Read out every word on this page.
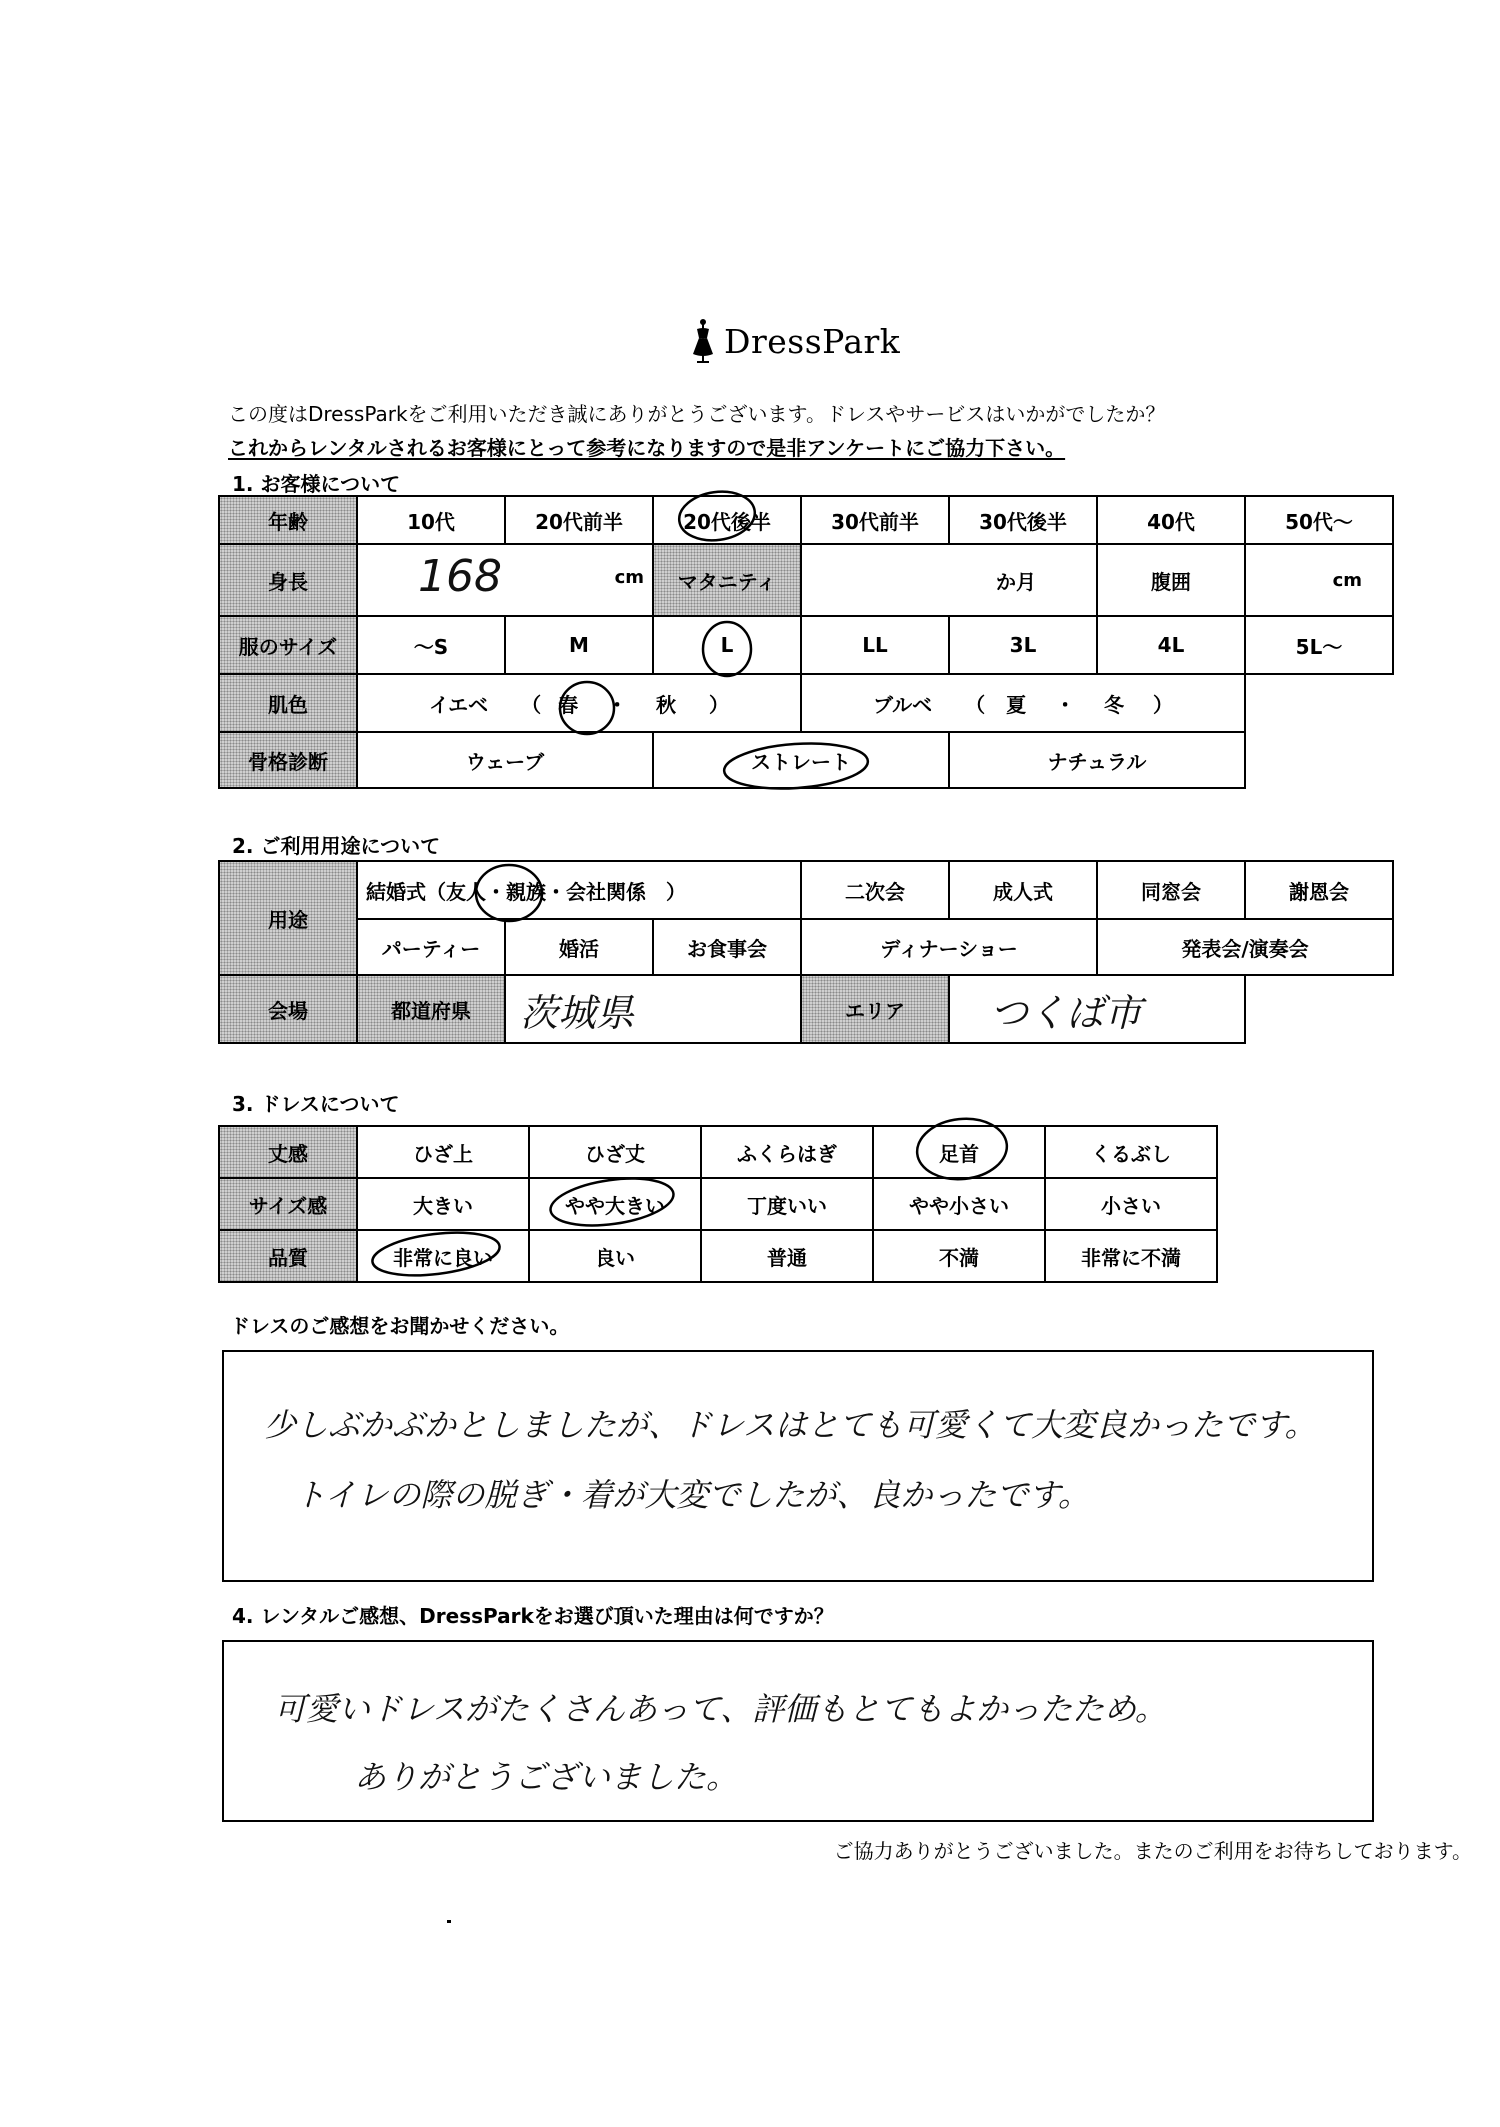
DressPark
この度はDressParkをご利用いただき誠にありがとうございます。ドレスやサービスはいかがでしたか？
これからレンタルされるお客様にとって参考になりますので是非アンケートにご協力下さい。
1. お客様について
年齢	10代	20代前半	20代後半	30代前半	30代後半	40代	50代～
身長	168 cm		マタニティ	か月		腹囲	cm
服のサイズ	～S	M	L	LL	3L	4L	5L～
肌色	イエベ （ 春 ・ 秋 ）			ブルベ （ 夏 ・ 冬 ）			
骨格診断	ウェーブ		ストレート		ナチュラル		
2. ご利用用途について
用途	結婚式（友人・親族・会社関係　）			二次会	成人式	同窓会	謝恩会
	パーティー	婚活	お食事会	ディナーショー		発表会/演奏会	
会場	都道府県	茨城県		エリア	つくば市		
3. ドレスについて
丈感	ひざ上	ひざ丈	ふくらはぎ	足首	くるぶし
サイズ感	大きい	やや大きい	丁度いい	やや小さい	小さい
品質	非常に良い	良い	普通	不満	非常に不満
ドレスのご感想をお聞かせください。
少しぶかぶかとしましたが、ドレスはとても可愛くて大変良かったです。
トイレの際の脱ぎ・着が大変でしたが、良かったです。
4. レンタルご感想、DressParkをお選び頂いた理由は何ですか？
可愛いドレスがたくさんあって、評価もとてもよかったため。
ありがとうございました。
ご協力ありがとうございました。またのご利用をお待ちしております。
